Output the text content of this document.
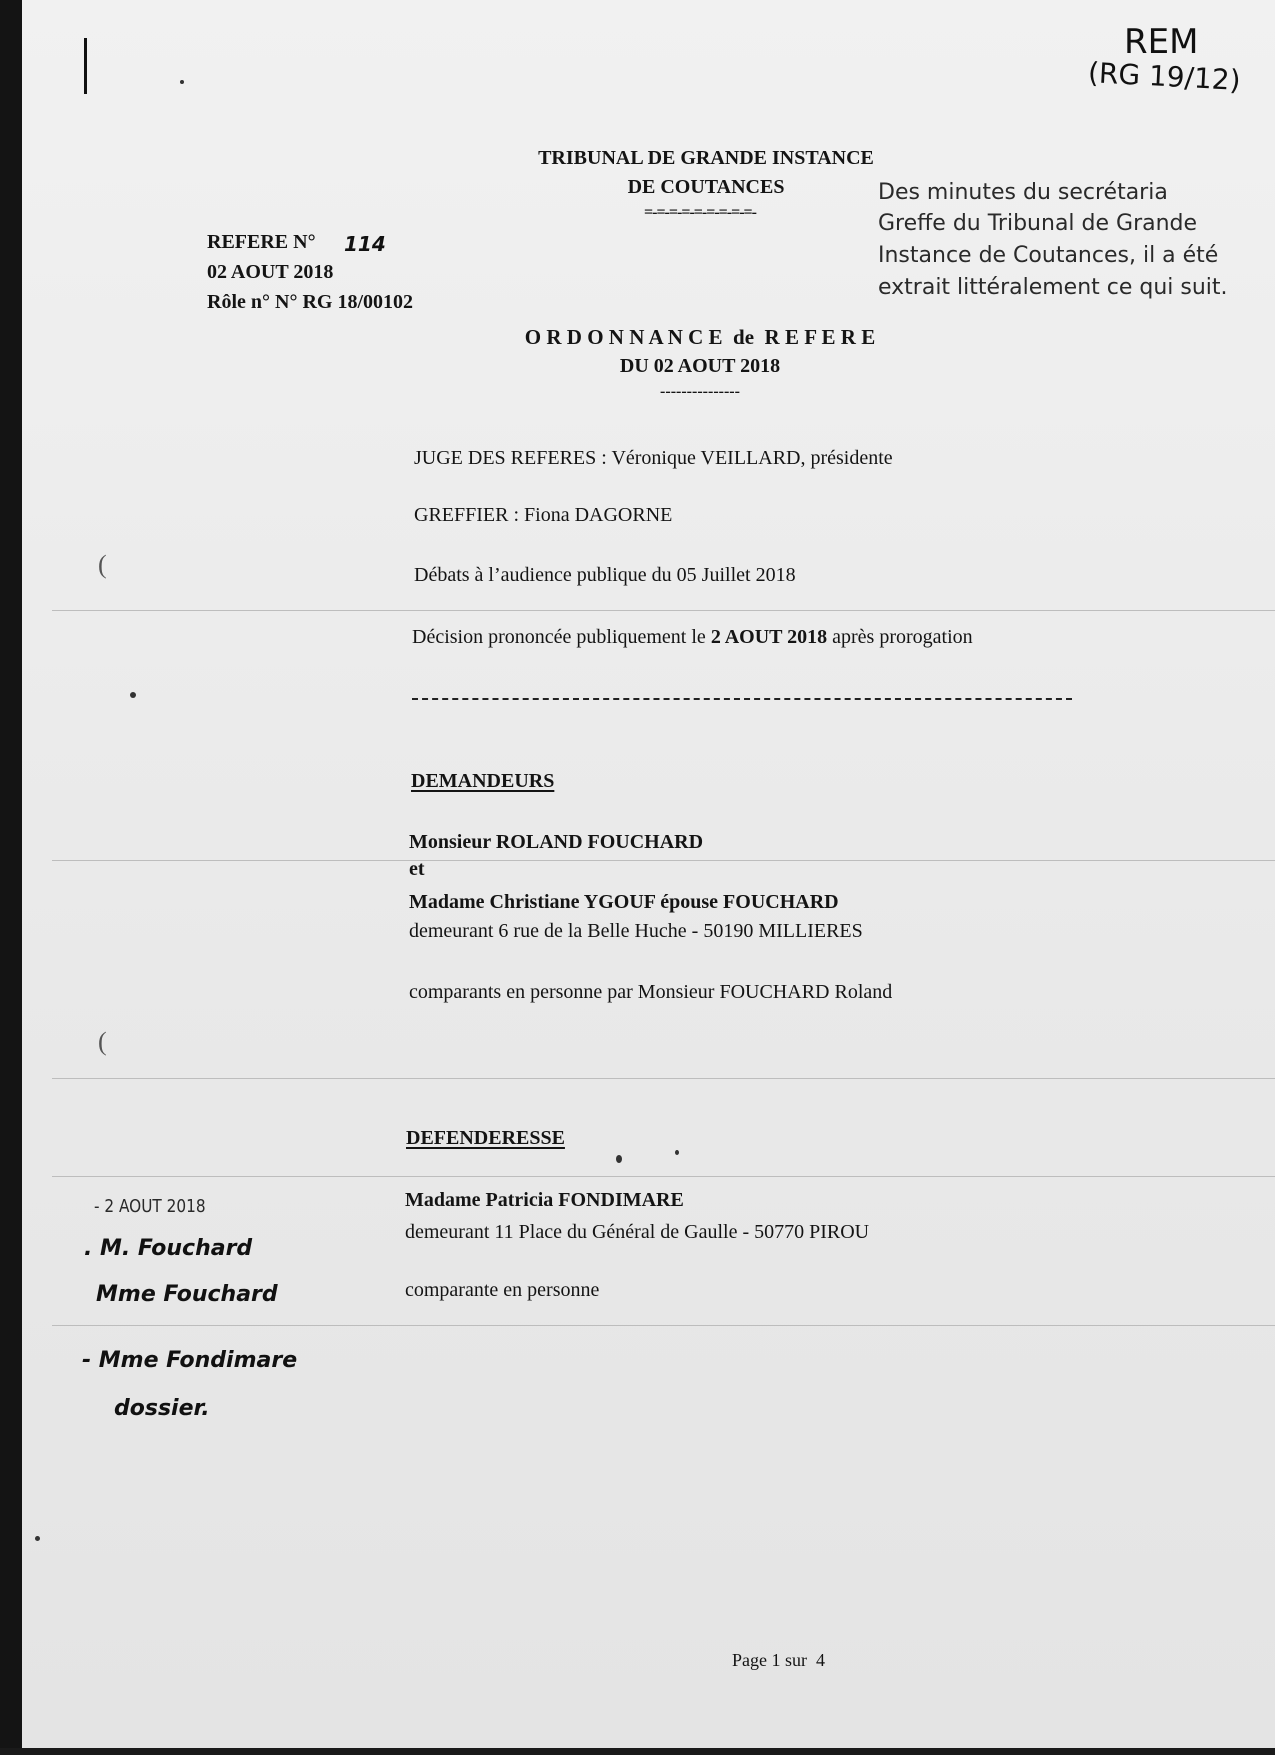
(
(
REM
(RG 19/12)
TRIBUNAL DE GRANDE INSTANCE
DE COUTANCES
=-=-=-=-=-=-=-=-=-
Des minutes du secrétaria
Greffe du Tribunal de Grande
Instance de Coutances, il a été
extrait littéralement ce qui suit.
REFERE N° 114
02 AOUT 2018
Rôle n° N° RG 18/00102
O R D O N N A N C E  de  R E F E R E
DU 02 AOUT 2018
---------------
JUGE DES REFERES : Véronique VEILLARD, présidente
GREFFIER : Fiona DAGORNE
Débats à l’audience publique du 05 Juillet 2018
Décision prononcée publiquement le 2 AOUT 2018 après prorogation
DEMANDEURS
Monsieur ROLAND FOUCHARD
et
Madame Christiane YGOUF épouse FOUCHARD
demeurant 6 rue de la Belle Huche - 50190 MILLIERES
comparants en personne par Monsieur FOUCHARD Roland
DEFENDERESSE
Madame Patricia FONDIMARE
demeurant 11 Place du Général de Gaulle - 50770 PIROU
comparante en personne
- 2 AOUT 2018
. M. Fouchard
Mme Fouchard
- Mme Fondimare
dossier.
Page 1 sur  4
